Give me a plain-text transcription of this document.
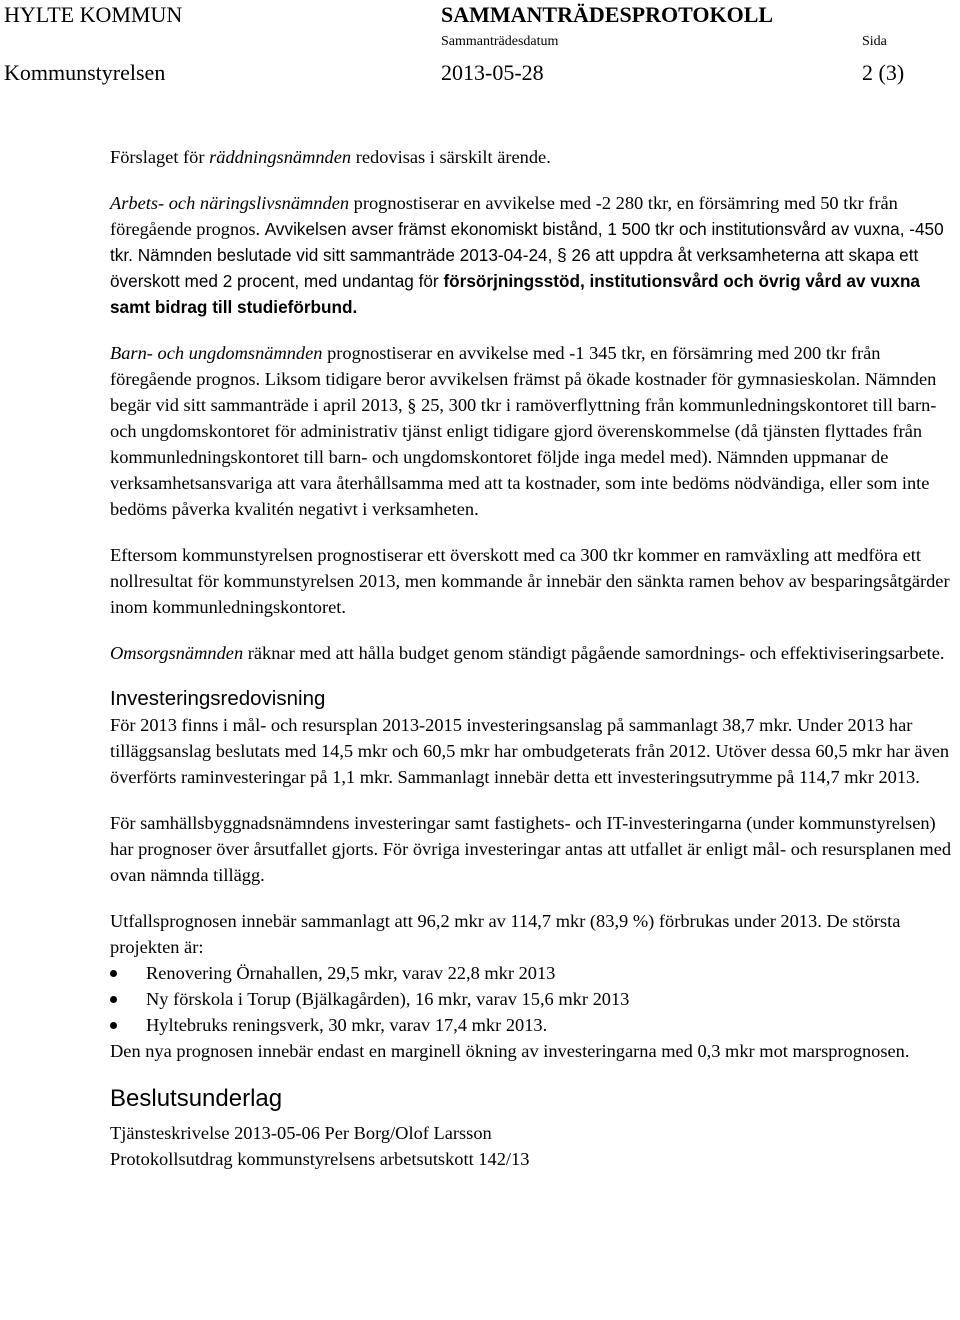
HYLTE KOMMUN	SAMMANTRÄDESPROTOKOLL
Sammanträdesdatum	Sida
Kommunstyrelsen	2013-05-28	2 (3)

Förslaget för räddningsnämnden redovisas i särskilt ärende.

Arbets- och näringslivsnämnden prognostiserar en avvikelse med -2 280 tkr, en försämring med 50 tkr från föregående prognos. Avvikelsen avser främst ekonomiskt bistånd, 1 500 tkr och institutionsvård av vuxna, -450 tkr. Nämnden beslutade vid sitt sammanträde 2013-04-24, § 26 att uppdra åt verksamheterna att skapa ett överskott med 2 procent, med undantag för försörjningsstöd, institutionsvård och övrig vård av vuxna samt bidrag till studieförbund.

Barn- och ungdomsnämnden prognostiserar en avvikelse med -1 345 tkr, en försämring med 200 tkr från föregående prognos. Liksom tidigare beror avvikelsen främst på ökade kostnader för gymnasieskolan. Nämnden begär vid sitt sammanträde i april 2013, § 25, 300 tkr i ramöverflyttning från kommunledningskontoret till barn- och ungdomskontoret för administrativ tjänst enligt tidigare gjord överenskommelse (då tjänsten flyttades från kommunledningskontoret till barn- och ungdomskontoret följde inga medel med). Nämnden uppmanar de verksamhetsansvariga att vara återhållsamma med att ta kostnader, som inte bedöms nödvändiga, eller som inte bedöms påverka kvalitén negativt i verksamheten.

Eftersom kommunstyrelsen prognostiserar ett överskott med ca 300 tkr kommer en ramväxling att medföra ett nollresultat för kommunstyrelsen 2013, men kommande år innebär den sänkta ramen behov av besparingsåtgärder inom kommunledningskontoret.

Omsorgsnämnden räknar med att hålla budget genom ständigt pågående samordnings- och effektiviseringsarbete.

Investeringsredovisning

För 2013 finns i mål- och resursplan 2013-2015 investeringsanslag på sammanlagt 38,7 mkr. Under 2013 har tilläggsanslag beslutats med 14,5 mkr och 60,5 mkr har ombudgeterats från 2012. Utöver dessa 60,5 mkr har även överförts raminvesteringar på 1,1 mkr. Sammanlagt innebär detta ett investeringsutrymme på 114,7 mkr 2013.

För samhällsbyggnadsnämndens investeringar samt fastighets- och IT-investeringarna (under kommunstyrelsen) har prognoser över årsutfallet gjorts. För övriga investeringar antas att utfallet är enligt mål- och resursplanen med ovan nämnda tillägg.

Utfallsprognosen innebär sammanlagt att 96,2 mkr av 114,7 mkr (83,9 %) förbrukas under 2013. De största projekten är:

Renovering Örnahallen, 29,5 mkr, varav 22,8 mkr 2013
Ny förskola i Torup (Bjälkagården), 16 mkr, varav 15,6 mkr 2013
Hyltebruks reningsverk, 30 mkr, varav 17,4 mkr 2013.

Den nya prognosen innebär endast en marginell ökning av investeringarna med 0,3 mkr mot marsprognosen.

Beslutsunderlag

Tjänsteskrivelse 2013-05-06 Per Borg/Olof Larsson

Protokollsutdrag kommunstyrelsens arbetsutskott 142/13
